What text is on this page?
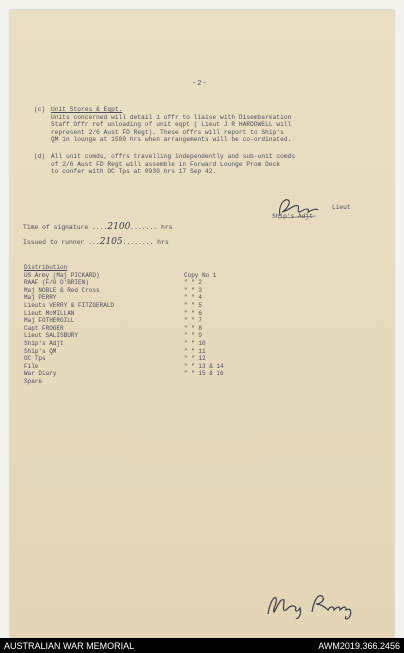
-2-
(c) Unit Stores & Eqpt.
Units concerned will detail 1 offr to liaise with Disembarkation
Staff Offr ref unloading of unit eqpt ( Lieut J R HARDDWELL will
represent 2/6 Aust FD Regt). These offrs will report to Ship's
QM in lounge at 1500 hrs when arrangements will be co-ordinated.
(d) All unit comds, offrs travelling independently and sub-unit comds
of 2/6 Aust FD Regt will assemble in Forward Lounge Prom Deck
to confer with OC Tps at 0930 hrs 17 Sep 42.
Lieut
Ship's Adjt
Time of signature ....2100....... hrs
Issued to runner ...2105........ hrs
Distribution
US Army (Maj PICKARD)	Copy No 1
RAAF (F/O O'BRIEN)	" " 2
Maj NOBLE & Red Cross	" " 3
Maj PERRY	" " 4
Lieuts VERRY & FITZGERALD	" " 5
Lieut McMILLAN	" " 6
Maj FOTHERGILL	" " 7
Capt FROGER	" " 8
Lieut SALISBURY	" " 9
Ship's Adjt	" " 10
Ship's QM	" " 11
OC Tps	" " 12
File	" " 13 & 14
War Diary	" " 15 & 16
Spare
AUSTRALIAN WAR MEMORIAL	AWM2019.366.2456
